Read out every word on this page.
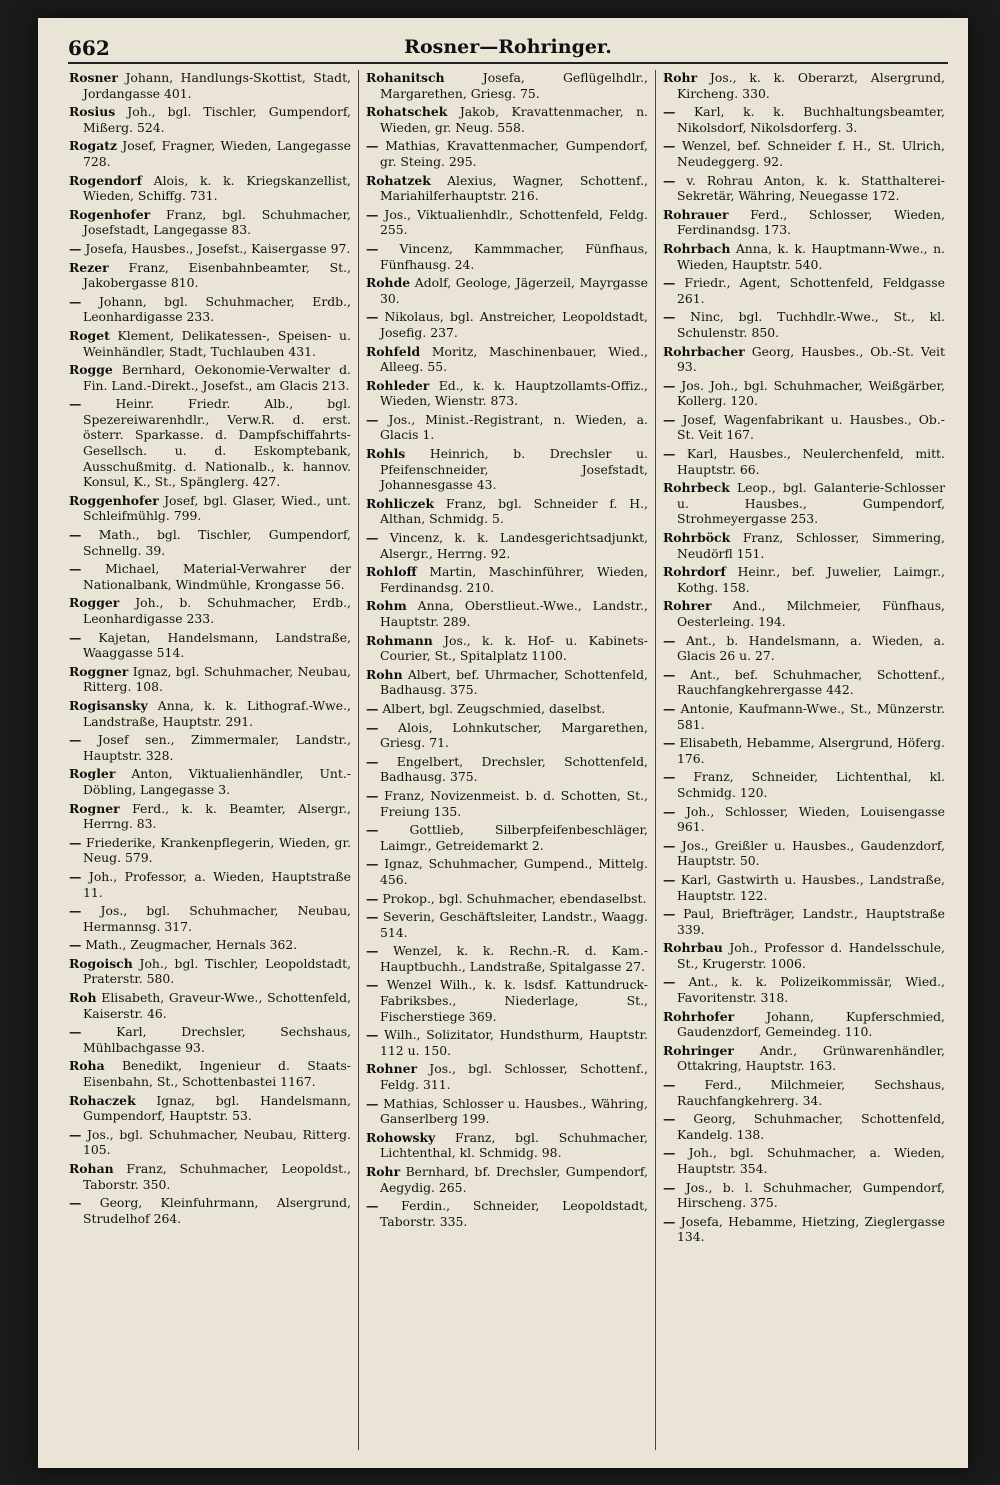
662	Rosner—Rohringer.

Rosner Johann, Handlungs-Skottist, Stadt, Jordangasse 401.

Rosius Joh., bgl. Tischler, Gumpendorf, Mißerg. 524.

Rogatz Josef, Fragner, Wieden, Langegasse 728.

Rogendorf Alois, k. k. Kriegskanzellist, Wieden, Schiffg. 731.

Rogenhofer Franz, bgl. Schuhmacher, Josefstadt, Langegasse 83.

— Josefa, Hausbes., Josefst., Kaisergasse 97.

Rezer Franz, Eisenbahnbeamter, St., Jakobergasse 810.

— Johann, bgl. Schuhmacher, Erdb., Leonhardigasse 233.

Roget Klement, Delikatessen-, Speisen- u. Weinhändler, Stadt, Tuchlauben 431.

Rogge Bernhard, Oekonomie-Verwalter d. Fin. Land.-Direkt., Josefst., am Glacis 213.

—	Heinr. Friedr. Alb., bgl. Spezereiwarenhdlr., Verw.R. d. erst. österr. Sparkasse. d. Dampfschiffahrts-Gesellsch. u. d. Eskomptebank, Ausschußmitg. d. Nationalb., k. hannov. Konsul, K., St., Spänglerg. 427.

Roggenhofer Josef, bgl. Glaser, Wied., unt. Schleifmühlg. 799.

— Math., bgl. Tischler, Gumpendorf, Schnellg. 39.

— Michael, Material-Verwahrer der Nationalbank, Windmühle, Krongasse 56.

Rogger Joh., b. Schuhmacher, Erdb., Leonhardigasse 233.

— Kajetan, Handelsmann, Landstraße, Waaggasse 514.

Roggner Ignaz, bgl. Schuhmacher, Neubau, Ritterg. 108.

Rogisansky Anna, k. k. Lithograf.-Wwe., Landstraße, Hauptstr. 291.

— Josef sen., Zimmermaler, Landstr., Hauptstr. 328.

Rogler Anton, Viktualienhändler, Unt.-Döbling, Langegasse 3.

Rogner Ferd., k. k. Beamter, Alsergr., Herrng. 83.

— Friederike, Krankenpflegerin, Wieden, gr. Neug. 579.

— Joh., Professor, a. Wieden, Hauptstraße 11.

— Jos., bgl. Schuhmacher, Neubau, Hermannsg. 317.

— Math., Zeugmacher, Hernals 362.

Rogoisch Joh., bgl. Tischler, Leopoldstadt, Praterstr. 580.

Roh Elisabeth, Graveur-Wwe., Schottenfeld, Kaiserstr. 46.

—	Karl, Drechsler, Sechshaus, Mühlbachgasse 93.

Roha Benedikt, Ingenieur d. Staats-Eisenbahn, St., Schottenbastei 1167.

Rohaczek Ignaz, bgl. Handelsmann, Gumpendorf, Hauptstr. 53.

— Jos., bgl. Schuhmacher, Neubau, Ritterg. 105.

Rohan Franz, Schuhmacher, Leopoldst., Taborstr. 350.

— Georg, Kleinfuhrmann, Alsergrund, Strudelhof 264.

Rohanitsch	Josefa, Geflügelhdlr., Margarethen, Griesg. 75.

Rohatschek Jakob, Kravattenmacher, n. Wieden, gr. Neug. 558.

— Mathias, Kravattenmacher, Gumpendorf, gr. Steing. 295.

Rohatzek Alexius, Wagner, Schottenf., Mariahilferhauptstr. 216.

— Jos., Viktualienhdlr., Schottenfeld, Feldg. 255.

— Vincenz, Kammmacher, Fünfhaus, Fünfhausg. 24.

Rohde Adolf, Geologe, Jägerzeil, Mayrgasse 30.

— Nikolaus, bgl. Anstreicher, Leopoldstadt, Josefig. 237.

Rohfeld Moritz, Maschinenbauer, Wied., Alleeg. 55.

Rohleder Ed., k. k. Hauptzollamts-Offiz., Wieden, Wienstr. 873.

— Jos., Minist.-Registrant, n. Wieden, a. Glacis 1.

Rohls Heinrich, b. Drechsler u. Pfeifenschneider, Josefstadt, Johannesgasse 43.

Rohliczek Franz, bgl. Schneider f. H., Althan, Schmidg. 5.

— Vincenz, k. k. Landesgerichtsadjunkt, Alsergr., Herrng. 92.

Rohloff Martin, Maschinführer, Wieden, Ferdinandsg. 210.

Rohm Anna, Oberstlieut.-Wwe., Landstr., Hauptstr. 289.

Rohmann Jos., k. k. Hof- u. Kabinets-Courier, St., Spitalplatz 1100.

Rohn Albert, bef. Uhrmacher, Schottenfeld, Badhausg. 375.

— Albert, bgl. Zeugschmied, daselbst.

— Alois, Lohnkutscher, Margarethen, Griesg. 71.

— Engelbert, Drechsler, Schottenfeld, Badhausg. 375.

— Franz, Novizenmeist. b. d. Schotten, St., Freiung 135.

—	Gottlieb, Silberpfeifenbeschläger, Laimgr., Getreidemarkt 2.

— Ignaz, Schuhmacher, Gumpend., Mittelg. 456.

— Prokop., bgl. Schuhmacher, ebendaselbst.

— Severin, Geschäftsleiter, Landstr., Waagg. 514.

— Wenzel, k. k. Rechn.-R. d. Kam.-Hauptbuchh., Landstraße, Spitalgasse 27.

— Wenzel Wilh., k. k. lsdsf. Kattundruck-Fabriksbes., Niederlage, St., Fischerstiege 369.

— Wilh., Solizitator, Hundsthurm, Hauptstr. 112 u. 150.

Rohner Jos., bgl. Schlosser, Schottenf., Feldg. 311.

— Mathias, Schlosser u. Hausbes., Währing, Ganserlberg 199.

Rohowsky Franz, bgl. Schuhmacher, Lichtenthal, kl. Schmidg. 98.

Rohr Bernhard, bf. Drechsler, Gumpendorf, Aegydig. 265.

— Ferdin., Schneider, Leopoldstadt, Taborstr. 335.

Rohr Jos., k. k. Oberarzt, Alsergrund, Kircheng. 330.

— Karl, k. k. Buchhaltungsbeamter, Nikolsdorf, Nikolsdorferg. 3.

— Wenzel, bef. Schneider f. H., St. Ulrich, Neudeggerg. 92.

— v. Rohrau Anton, k. k. Statthalterei-Sekretär, Währing, Neuegasse 172.

Rohrauer Ferd., Schlosser, Wieden, Ferdinandsg. 173.

Rohrbach Anna, k. k. Hauptmann-Wwe., n. Wieden, Hauptstr. 540.

— Friedr., Agent, Schottenfeld, Feldgasse 261.

— Ninc, bgl. Tuchhdlr.-Wwe., St., kl. Schulenstr. 850.

Rohrbacher Georg, Hausbes., Ob.-St. Veit 93.

— Jos. Joh., bgl. Schuhmacher, Weißgärber, Kollerg. 120.

— Josef, Wagenfabrikant u. Hausbes., Ob.-St. Veit 167.

— Karl, Hausbes., Neulerchenfeld, mitt. Hauptstr. 66.

Rohrbeck Leop., bgl. Galanterie-Schlosser u. Hausbes., Gumpendorf, Strohmeyergasse 253.

Rohrböck Franz, Schlosser, Simmering, Neudörfl 151.

Rohrdorf Heinr., bef. Juwelier, Laimgr., Kothg. 158.

Rohrer And., Milchmeier, Fünfhaus, Oesterleing. 194.

— Ant., b. Handelsmann, a. Wieden, a. Glacis 26 u. 27.

— Ant., bef. Schuhmacher, Schottenf., Rauchfangkehrergasse 442.

— Antonie, Kaufmann-Wwe., St., Münzerstr. 581.

— Elisabeth, Hebamme, Alsergrund, Höferg. 176.

— Franz, Schneider, Lichtenthal, kl. Schmidg. 120.

— Joh., Schlosser, Wieden, Louisengasse 961.

— Jos., Greißler u. Hausbes., Gaudenzdorf, Hauptstr. 50.

— Karl, Gastwirth u. Hausbes., Landstraße, Hauptstr. 122.

— Paul, Briefträger, Landstr., Hauptstraße 339.

Rohrbau Joh., Professor d. Handelsschule, St., Krugerstr. 1006.

— Ant., k. k. Polizeikommissär, Wied., Favoritenstr. 318.

Rohrhofer	Johann, Kupferschmied, Gaudenzdorf, Gemeindeg. 110.

Rohringer Andr., Grünwarenhändler, Ottakring, Hauptstr. 163.

— Ferd., Milchmeier, Sechshaus, Rauchfangkehrerg. 34.

— Georg, Schuhmacher, Schottenfeld, Kandelg. 138.

— Joh., bgl. Schuhmacher, a. Wieden, Hauptstr. 354.

— Jos., b. l. Schuhmacher, Gumpendorf, Hirscheng. 375.

— Josefa, Hebamme, Hietzing, Zieglergasse 134.
